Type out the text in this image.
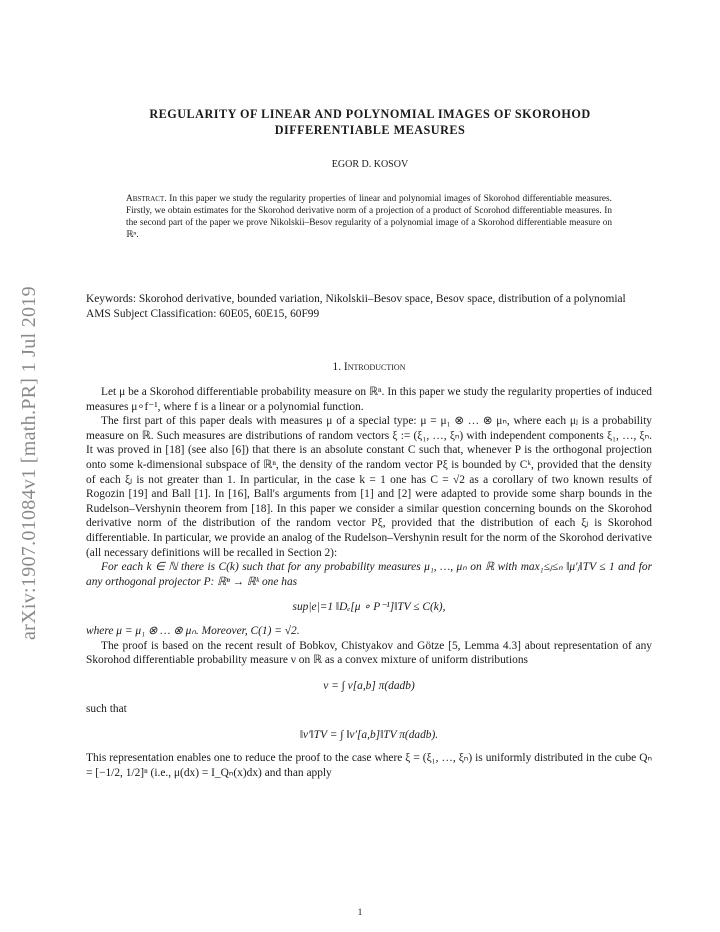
arXiv:1907.01084v1 [math.PR] 1 Jul 2019
REGULARITY OF LINEAR AND POLYNOMIAL IMAGES OF SKOROHOD
DIFFERENTIABLE MEASURES
EGOR D. KOSOV
Abstract. In this paper we study the regularity properties of linear and polynomial images of Skorohod differentiable measures. Firstly, we obtain estimates for the Skorohod derivative norm of a projection of a product of Scorohod differentiable measures. In the second part of the paper we prove Nikolskii–Besov regularity of a polynomial image of a Skorohod differentiable measure on ℝⁿ.

Keywords: Skorohod derivative, bounded variation, Nikolskii–Besov space, Besov space, distribution of a polynomial

AMS Subject Classification: 60E05, 60E15, 60F99

1. Introduction

Let μ be a Skorohod differentiable probability measure on ℝⁿ. In this paper we study the regularity properties of induced measures μ∘f⁻¹, where f is a linear or a polynomial function.

The first part of this paper deals with measures μ of a special type: μ = μ₁ ⊗ … ⊗ μₙ, where each μⱼ is a probability measure on ℝ. Such measures are distributions of random vectors ξ := (ξ₁, …, ξₙ) with independent components ξ₁, …, ξₙ. It was proved in [18] (see also [6]) that there is an absolute constant C such that, whenever P is the orthogonal projection onto some k-dimensional subspace of ℝⁿ, the density of the random vector Pξ is bounded by Cᵏ, provided that the density of each ξⱼ is not greater than 1. In particular, in the case k = 1 one has C = √2 as a corollary of two known results of Rogozin [19] and Ball [1]. In [16], Ball's arguments from [1] and [2] were adapted to provide some sharp bounds in the Rudelson–Vershynin theorem from [18]. In this paper we consider a similar question concerning bounds on the Skorohod derivative norm of the distribution of the random vector Pξ, provided that the distribution of each ξⱼ is Skorohod differentiable. In particular, we provide an analog of the Rudelson–Vershynin result for the norm of the Skorohod derivative (all necessary definitions will be recalled in Section 2):

For each k ∈ ℕ there is C(k) such that for any probability measures μ₁, …, μₙ on ℝ with max₁≤ⱼ≤ₙ ‖μ′ⱼ‖TV ≤ 1 and for any orthogonal projector P: ℝⁿ → ℝᵏ one has

sup|e|=1 ‖Dₑ[μ ∘ P⁻¹]‖TV ≤ C(k),

where μ = μ₁ ⊗ … ⊗ μₙ. Moreover, C(1) = √2.

The proof is based on the recent result of Bobkov, Chistyakov and Götze [5, Lemma 4.3] about representation of any Skorohod differentiable probability measure ν on ℝ as a convex mixture of uniform distributions

ν = ∫ ν[a,b] π(dadb)

such that

‖ν′‖TV = ∫ ‖ν′[a,b]‖TV π(dadb).

This representation enables one to reduce the proof to the case where ξ = (ξ₁, …, ξₙ) is uniformly distributed in the cube Qₙ = [−1/2, 1/2]ⁿ (i.e., μ(dx) = I_Qₙ(x)dx) and than apply

1
